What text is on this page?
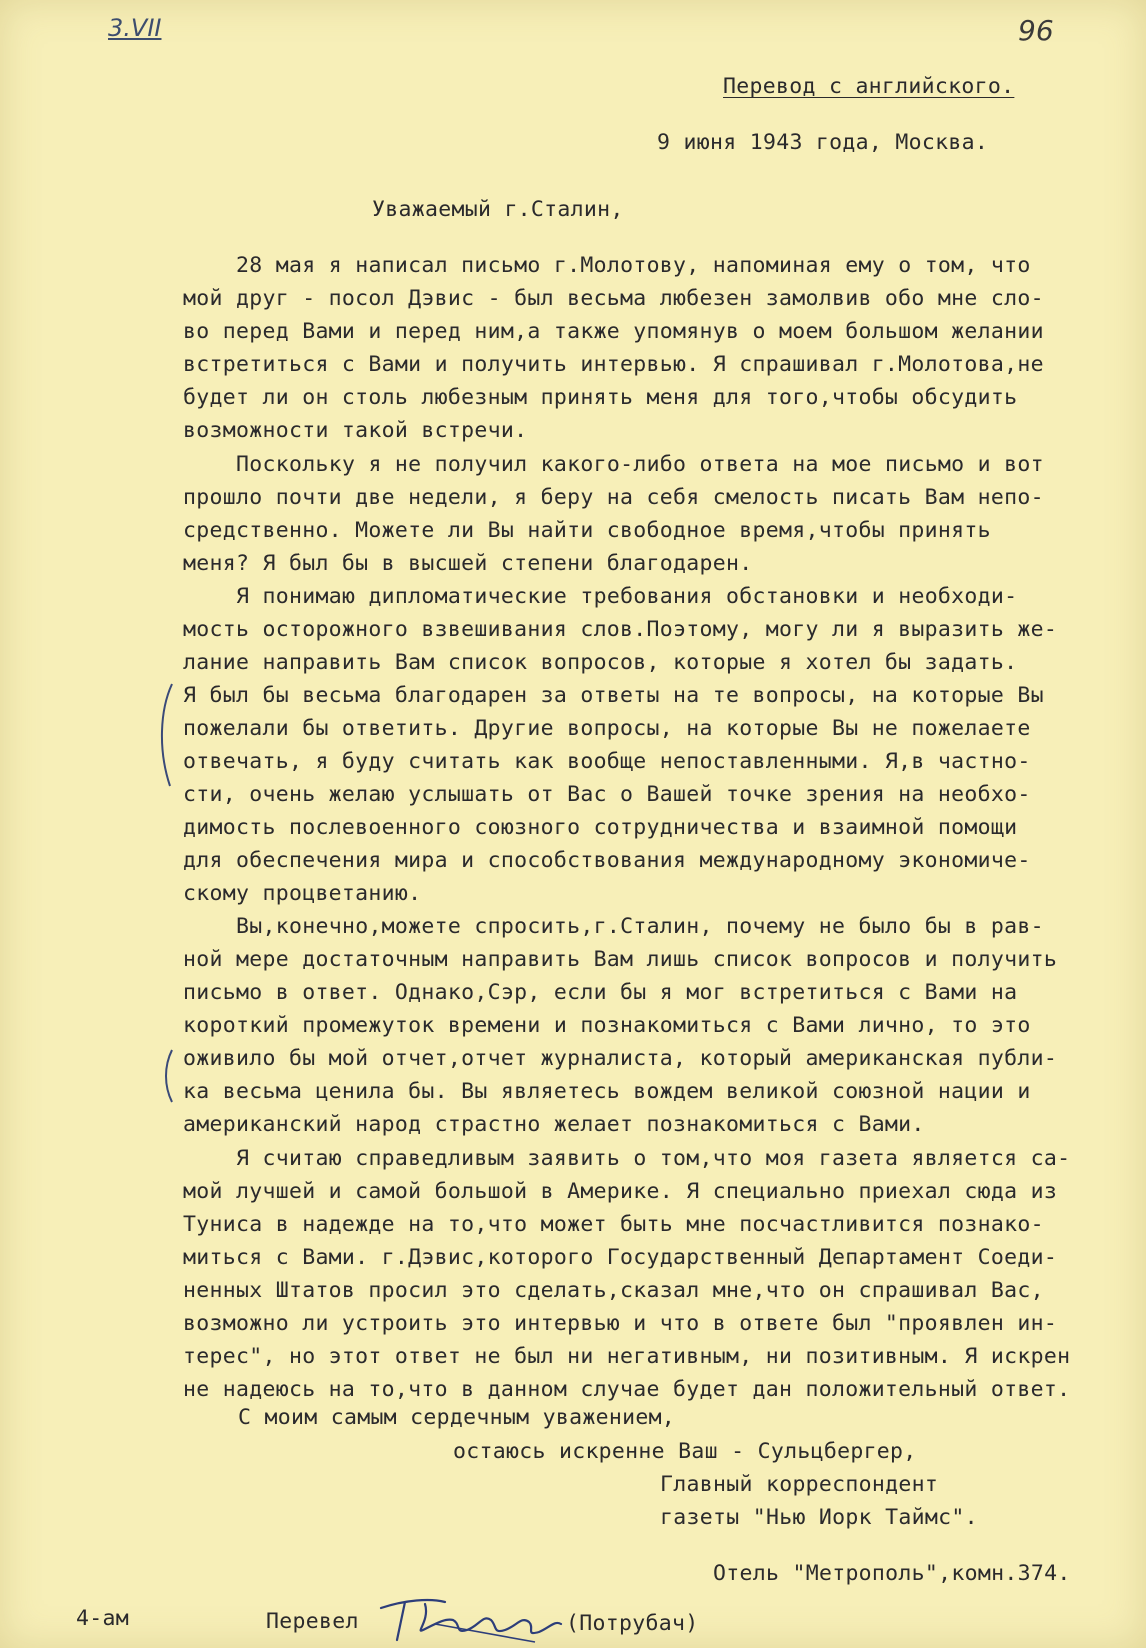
3.VII	96
Перевод с английского.
9 июня 1943 года, Москва.
Уважаемый г.Сталин,
28 мая я написал письмо г.Молотову, напоминая ему о том, что
мой друг - посол Дэвис - был весьма любезен замолвив обо мне сло-
во перед Вами и перед ним,а также упомянув о моем большом желании
встретиться с Вами и получить интервью. Я спрашивал г.Молотова,не
будет ли он столь любезным принять меня для того,чтобы обсудить
возможности такой встречи.
Поскольку я не получил какого-либо ответа на мое письмо и вот
прошло почти две недели, я беру на себя смелость писать Вам непо-
средственно. Можете ли Вы найти свободное время,чтобы принять
меня? Я был бы в высшей степени благодарен.
Я понимаю дипломатические требования обстановки и необходи-
мость осторожного взвешивания слов.Поэтому, могу ли я выразить же-
лание направить Вам список вопросов, которые я хотел бы задать.
Я был бы весьма благодарен за ответы на те вопросы, на которые Вы
пожелали бы ответить. Другие вопросы, на которые Вы не пожелаете
отвечать, я буду считать как вообще непоставленными. Я,в частно-
сти, очень желаю услышать от Вас о Вашей точке зрения на необхо-
димость послевоенного союзного сотрудничества и взаимной помощи
для обеспечения мира и способствования международному экономиче-
скому процветанию.
Вы,конечно,можете спросить,г.Сталин, почему не было бы в рав-
ной мере достаточным направить Вам лишь список вопросов и получить
письмо в ответ. Однако,Сэр, если бы я мог встретиться с Вами на
короткий промежуток времени и познакомиться с Вами лично, то это
оживило бы мой отчет,отчет журналиста, который американская публи-
ка весьма ценила бы. Вы являетесь вождем великой союзной нации и
американский народ страстно желает познакомиться с Вами.
Я считаю справедливым заявить о том,что моя газета является са-
мой лучшей и самой большой в Америке. Я специально приехал сюда из
Туниса в надежде на то,что может быть мне посчастливится познако-
миться с Вами. г.Дэвис,которого Государственный Департамент Соеди-
ненных Штатов просил это сделать,сказал мне,что он спрашивал Вас,
возможно ли устроить это интервью и что в ответе был "проявлен ин-
терес", но этот ответ не был ни негативным, ни позитивным. Я искрен
не надеюсь на то,что в данном случае будет дан положительный ответ.
С моим самым сердечным уважением,
остаюсь искренне Ваш - Сульцбергер,
Главный корреспондент
газеты "Нью Иорк Таймс".
Отель "Метрополь",комн.374.
4-ам	Перевел	(Потрубач)
